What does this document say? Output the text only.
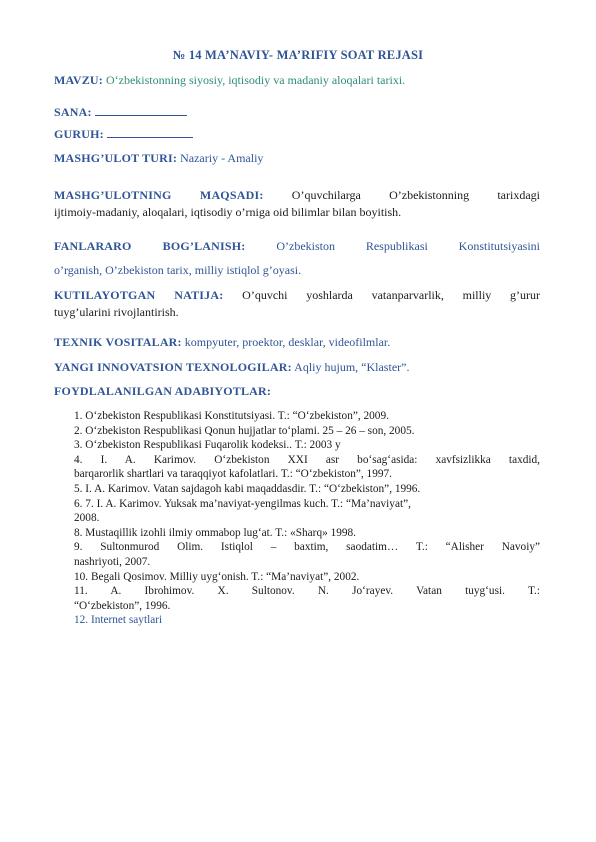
№ 14 MA’NAVIY- MA’RIFIY SOAT REJASI
MAVZU: O‘zbekistonning siyosiy, iqtisodiy va madaniy aloqalari tarixi.
SANA:
GURUH:
MASHG’ULOT TURI: Nazariy - Amaliy
MASHG’ULOTNING MAQSADI: O’quvchilarga O’zbekistonning tarixdagi
ijtimoiy-madaniy, aloqalari, iqtisodiy o’rniga oid bilimlar bilan boyitish.
FANLARARO BOG’LANISH:	O’zbekiston Respublikasi Konstitutsiyasini
o’rganish, O’zbekiston tarix, milliy istiqlol g’oyasi.
KUTILAYOTGAN NATIJA: O’quvchi yoshlarda vatanparvarlik, milliy g’urur
tuyg’ularini rivojlantirish.
TEXNIK VOSITALAR: kompyuter, proektor, desklar, videofilmlar.
YANGI INNOVATSION TEXNOLOGILAR: Aqliy hujum, “Klaster”.
FOYDLALANILGAN ADABIYOTLAR:

1. O‘zbekiston Respublikasi Konstitutsiyasi. T.: “O‘zbekiston”, 2009.

2. O‘zbekiston Respublikasi Qonun hujjatlar to‘plami. 25 – 26 – son, 2005.

3. O‘zbekiston Respublikasi Fuqarolik kodeksi.. T.: 2003 y

4. I. A. Karimov. O‘zbekiston XXI asr bo‘sag‘asida: xavfsizlikka taxdid,

barqarorlik shartlari va taraqqiyot kafolatlari. T.: “O‘zbekiston”, 1997.

5. I. A. Karimov. Vatan sajdagoh kabi maqaddasdir. T.: “O‘zbekiston”, 1996.

6. 7. I. A. Karimov. Yuksak ma’naviyat-yengilmas kuch. T.: “Ma’naviyat”,

2008.

8. Mustaqillik izohli ilmiy ommabop lug‘at. T.: «Sharq» 1998.

9. Sultonmurod Olim. Istiqlol – baxtim, saodatim… T.: “Alisher Navoiy”

nashriyoti, 2007.

10. Begali Qosimov. Milliy uyg‘onish. T.: “Ma’naviyat”, 2002.

11. A. Ibrohimov. X. Sultonov. N. Jo‘rayev. Vatan tuyg‘usi. T.:

“O‘zbekiston”, 1996.

12. Internet saytlari
